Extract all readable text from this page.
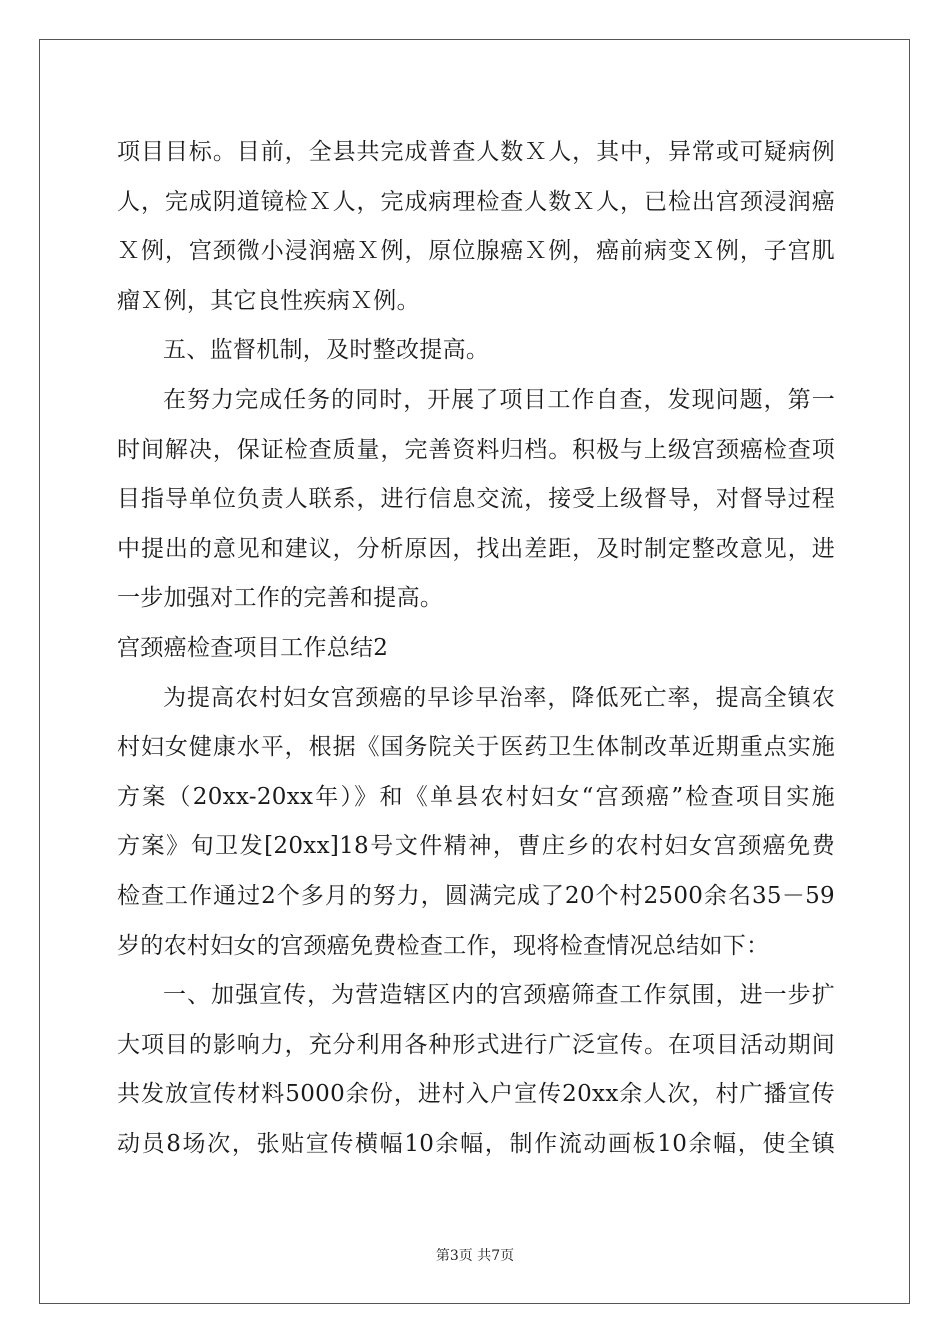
项目目标。目前，全县共完成普查人数Ｘ人，其中，异常或可疑病例
人，完成阴道镜检Ｘ人，完成病理检查人数Ｘ人，已检出宫颈浸润癌
Ｘ例，宫颈微小浸润癌Ｘ例，原位腺癌Ｘ例，癌前病变Ｘ例，子宫肌
瘤Ｘ例，其它良性疾病Ｘ例。
五、监督机制，及时整改提高。
在努力完成任务的同时，开展了项目工作自查，发现问题，第一
时间解决，保证检查质量，完善资料归档。积极与上级宫颈癌检查项
目指导单位负责人联系，进行信息交流，接受上级督导，对督导过程
中提出的意见和建议，分析原因，找出差距，及时制定整改意见，进
一步加强对工作的完善和提高。
宫颈癌检查项目工作总结2
为提高农村妇女宫颈癌的早诊早治率，降低死亡率，提高全镇农
村妇女健康水平，根据《国务院关于医药卫生体制改革近期重点实施
方案（20xx-20xx年）》和《单县农村妇女“宫颈癌”检查项目实施
方案》旬卫发[20xx]18号文件精神，曹庄乡的农村妇女宫颈癌免费
检查工作通过2个多月的努力，圆满完成了20个村2500余名35－59
岁的农村妇女的宫颈癌免费检查工作，现将检查情况总结如下：
一、加强宣传，为营造辖区内的宫颈癌筛查工作氛围，进一步扩
大项目的影响力，充分利用各种形式进行广泛宣传。在项目活动期间
共发放宣传材料5000余份，进村入户宣传20xx余人次，村广播宣传
动员8场次，张贴宣传横幅10余幅，制作流动画板10余幅，使全镇
第3页 共7页
